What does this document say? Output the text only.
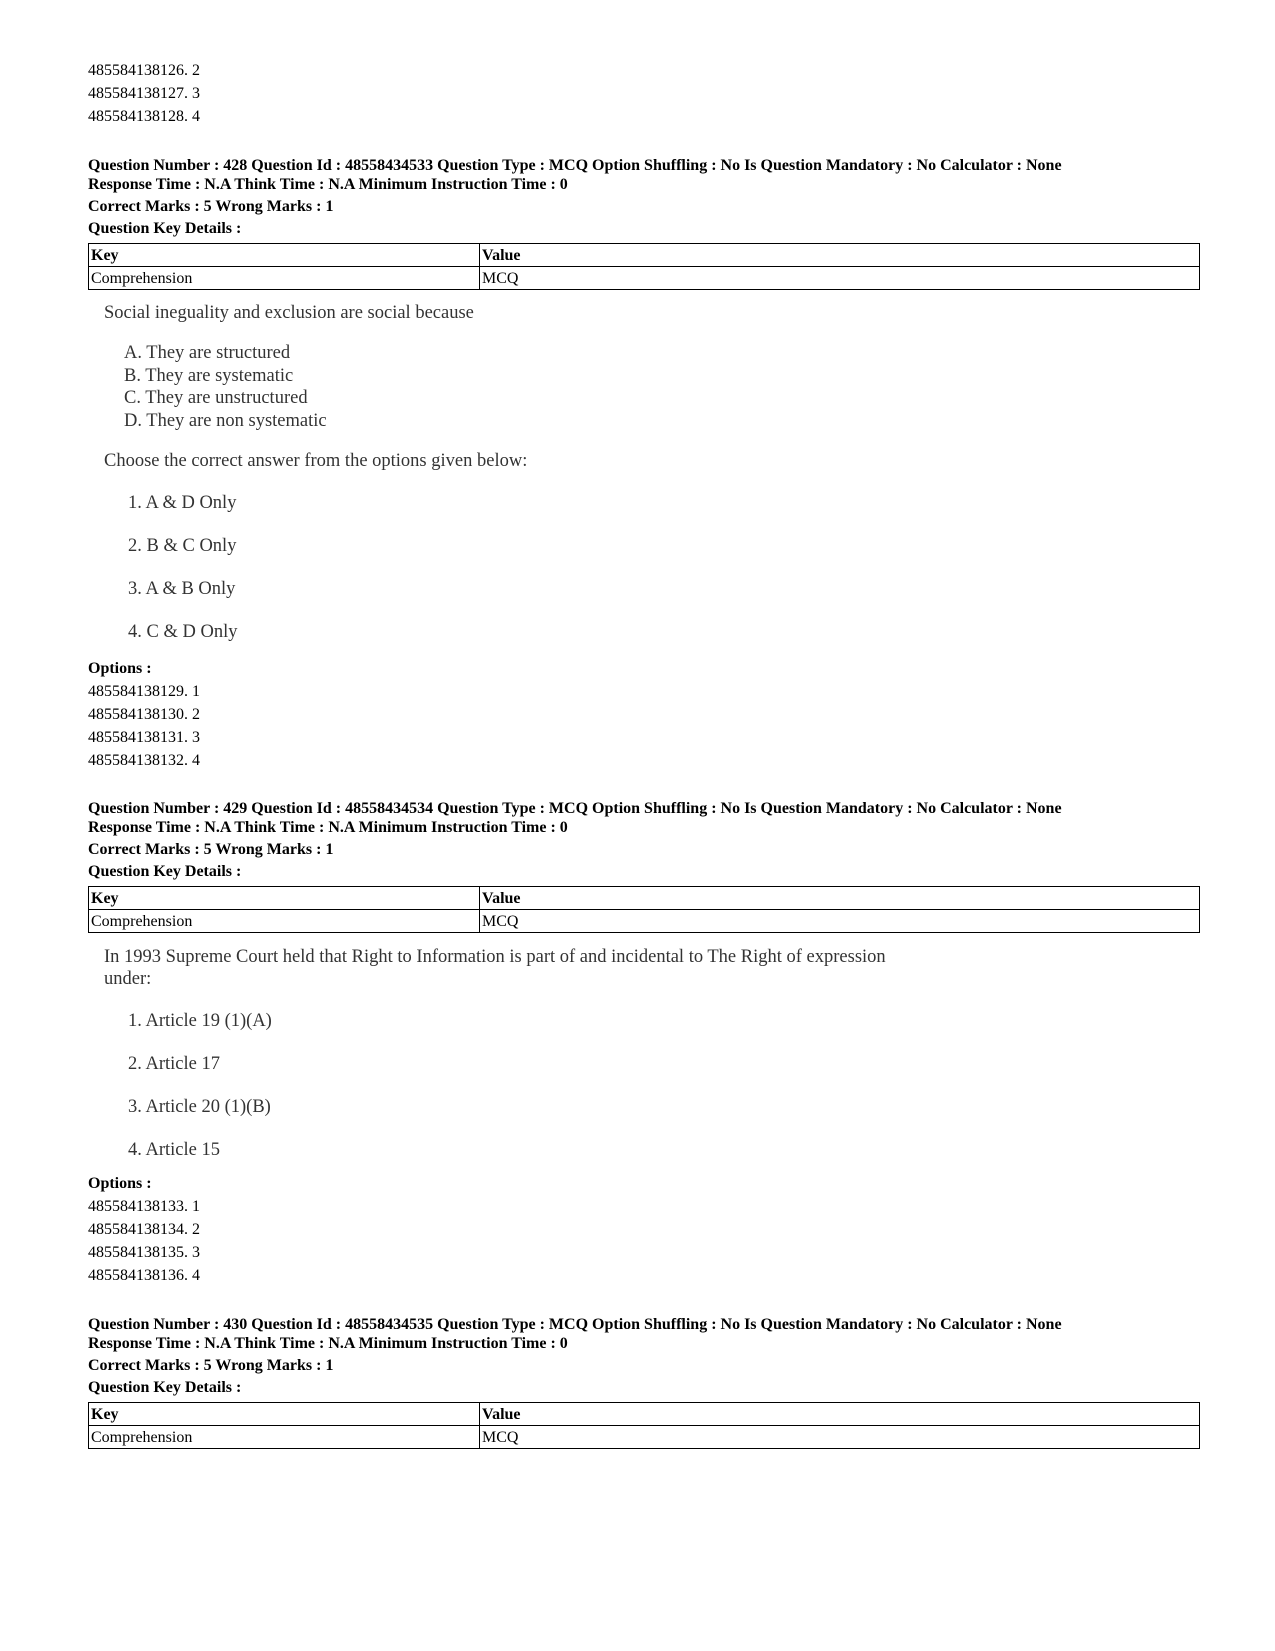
485584138126. 2
485584138127. 3
485584138128. 4
Question Number : 428 Question Id : 48558434533 Question Type : MCQ Option Shuffling : No Is Question Mandatory : No Calculator : None
Response Time : N.A Think Time : N.A Minimum Instruction Time : 0
Correct Marks : 5 Wrong Marks : 1
Question Key Details :
Key	Value
Comprehension	MCQ
Social ineguality and exclusion are social because
A. They are structured
B. They are systematic
C. They are unstructured
D. They are non systematic
Choose the correct answer from the options given below:
1. A & D Only
2. B & C Only
3. A & B Only
4. C & D Only
Options :
485584138129. 1
485584138130. 2
485584138131. 3
485584138132. 4
Question Number : 429 Question Id : 48558434534 Question Type : MCQ Option Shuffling : No Is Question Mandatory : No Calculator : None
Response Time : N.A Think Time : N.A Minimum Instruction Time : 0
Correct Marks : 5 Wrong Marks : 1
Question Key Details :
Key	Value
Comprehension	MCQ
In 1993 Supreme Court held that Right to Information is part of and incidental to The Right of expression
under:
1. Article 19 (1)(A)
2. Article 17
3. Article 20 (1)(B)
4. Article 15
Options :
485584138133. 1
485584138134. 2
485584138135. 3
485584138136. 4
Question Number : 430 Question Id : 48558434535 Question Type : MCQ Option Shuffling : No Is Question Mandatory : No Calculator : None
Response Time : N.A Think Time : N.A Minimum Instruction Time : 0
Correct Marks : 5 Wrong Marks : 1
Question Key Details :
Key	Value
Comprehension	MCQ
